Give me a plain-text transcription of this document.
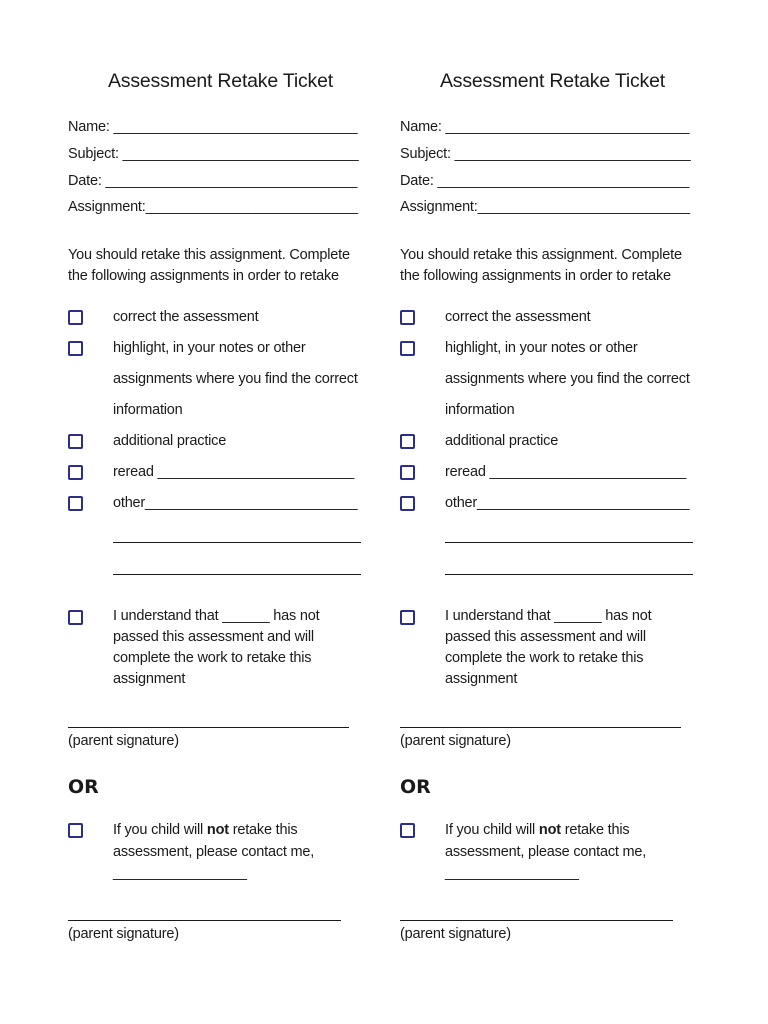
Assessment Retake Ticket
Name: _______________________________
Subject: ______________________________
Date: ________________________________
Assignment:___________________________
You should retake this assignment. Complete
the following assignments in order to retake
correct the assessment
highlight, in your notes or other
assignments where you find the correct
information
additional practice
reread _________________________
other___________________________
I understand that ______ has not
passed this assessment and will
complete the work to retake this
assignment
(parent signature)
OR
If you child will not retake this
assessment, please contact me,
_________________
(parent signature)
Assessment Retake Ticket
Name: _______________________________
Subject: ______________________________
Date: ________________________________
Assignment:___________________________
You should retake this assignment. Complete
the following assignments in order to retake
correct the assessment
highlight, in your notes or other
assignments where you find the correct
information
additional practice
reread _________________________
other___________________________
I understand that ______ has not
passed this assessment and will
complete the work to retake this
assignment
(parent signature)
OR
If you child will not retake this
assessment, please contact me,
_________________
(parent signature)
